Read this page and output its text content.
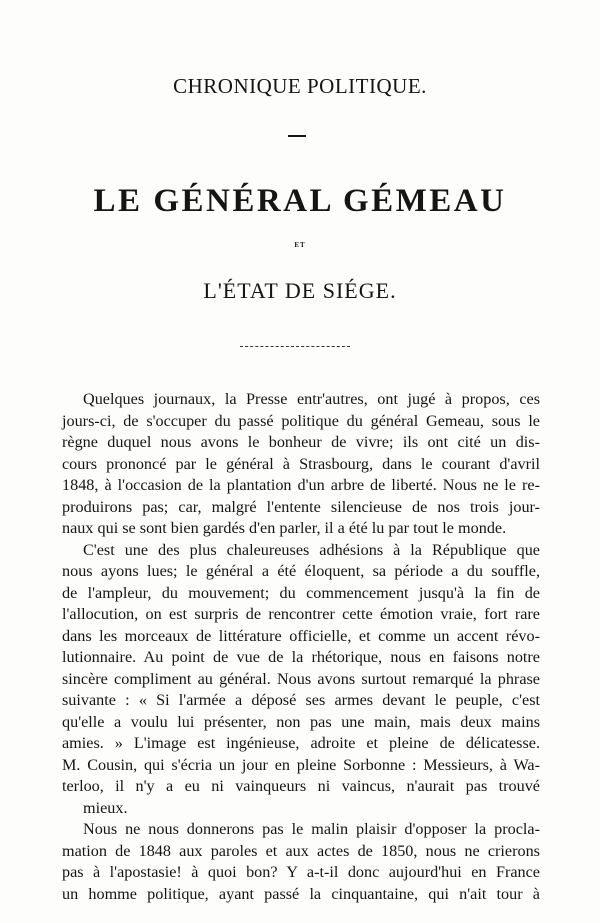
CHRONIQUE POLITIQUE.
LE GÉNÉRAL GÉMEAU
ET
L'ÉTAT DE SIÉGE.
Quelques journaux, la Presse entr'autres, ont jugé à propos, ces
jours-ci, de s'occuper du passé politique du général Gemeau, sous le
règne duquel nous avons le bonheur de vivre; ils ont cité un dis-
cours prononcé par le général à Strasbourg, dans le courant d'avril
1848, à l'occasion de la plantation d'un arbre de liberté. Nous ne le re-
produirons pas; car, malgré l'entente silencieuse de nos trois jour-
naux qui se sont bien gardés d'en parler, il a été lu par tout le monde.
C'est une des plus chaleureuses adhésions à la République que
nous ayons lues; le général a été éloquent, sa période a du souffle,
de l'ampleur, du mouvement; du commencement jusqu'à la fin de
l'allocution, on est surpris de rencontrer cette émotion vraie, fort rare
dans les morceaux de littérature officielle, et comme un accent révo-
lutionnaire. Au point de vue de la rhétorique, nous en faisons notre
sincère compliment au général. Nous avons surtout remarqué la phrase
suivante : « Si l'armée a déposé ses armes devant le peuple, c'est
qu'elle a voulu lui présenter, non pas une main, mais deux mains
amies. » L'image est ingénieuse, adroite et pleine de délicatesse.
M. Cousin, qui s'écria un jour en pleine Sorbonne : Messieurs, à Wa-
terloo, il n'y a eu ni vainqueurs ni vaincus, n'aurait pas trouvé
mieux.
Nous ne nous donnerons pas le malin plaisir d'opposer la procla-
mation de 1848 aux paroles et aux actes de 1850, nous ne crierons
pas à l'apostasie! à quoi bon? Y a-t-il donc aujourd'hui en France
un homme politique, ayant passé la cinquantaine, qui n'ait tour à
